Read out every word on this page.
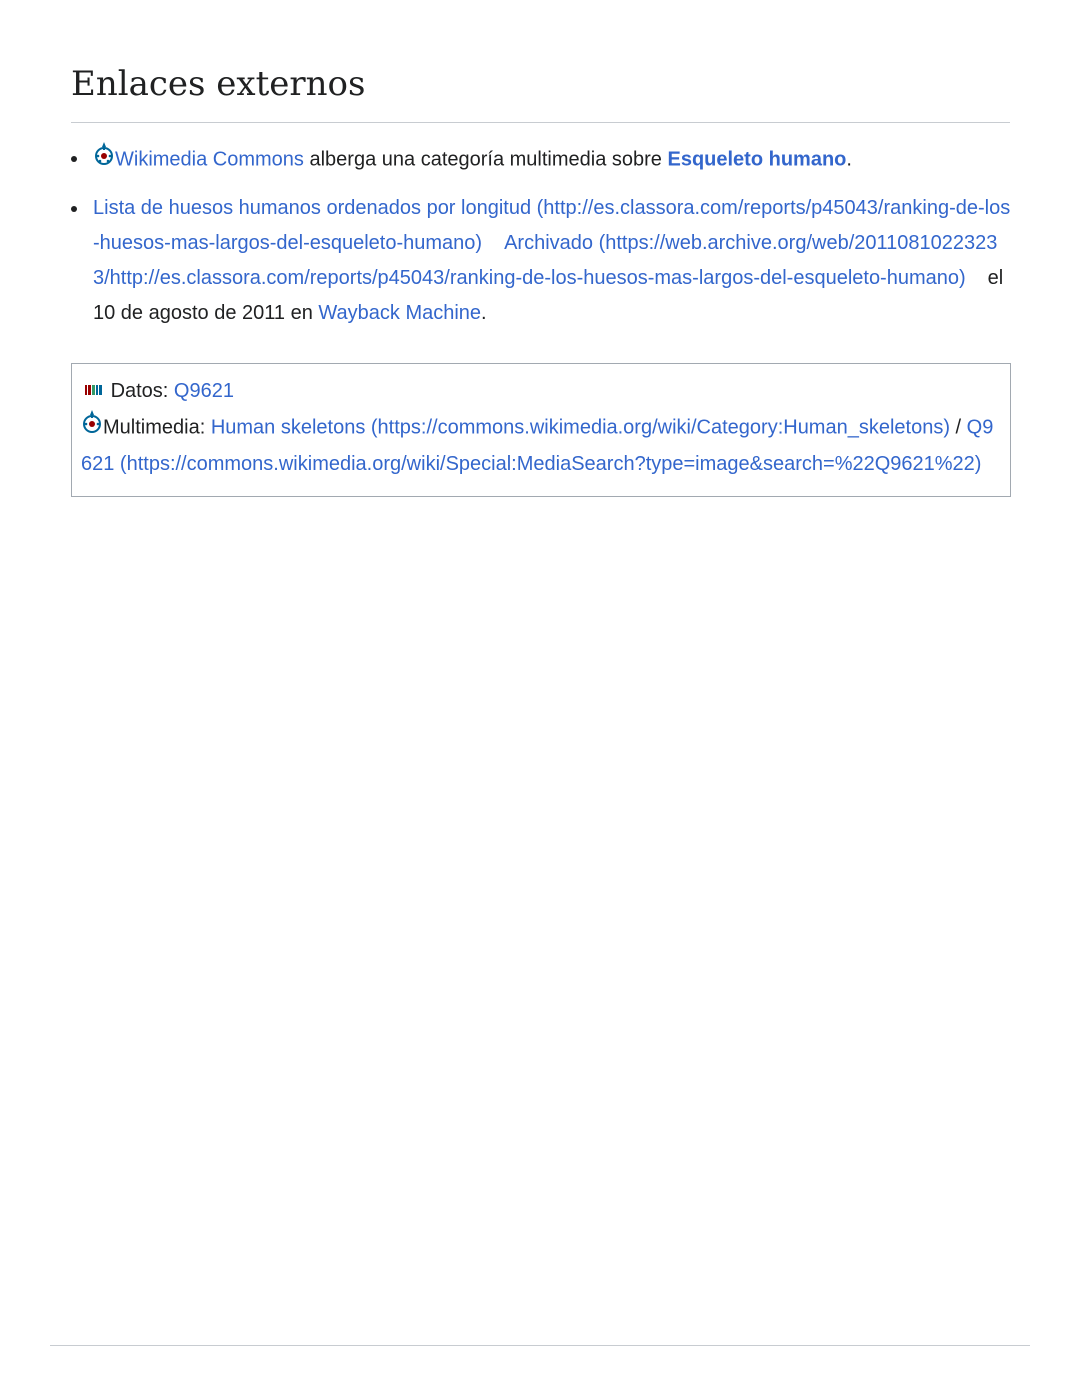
Enlaces externos
Wikimedia Commons alberga una categoría multimedia sobre Esqueleto humano.
Lista de huesos humanos ordenados por longitud (http://es.classora.com/reports/p45043/ranking-de-los-huesos-mas-largos-del-esqueleto-humano) Archivado (https://web.archive.org/web/20110810223233/http://es.classora.com/reports/p45043/ranking-de-los-huesos-mas-largos-del-esqueleto-humano) el 10 de agosto de 2011 en Wayback Machine.
Datos: Q9621
Multimedia: Human skeletons (https://commons.wikimedia.org/wiki/Category:Human_skeletons) / Q9621 (https://commons.wikimedia.org/wiki/Special:MediaSearch?type=image&search=%22Q9621%22)
